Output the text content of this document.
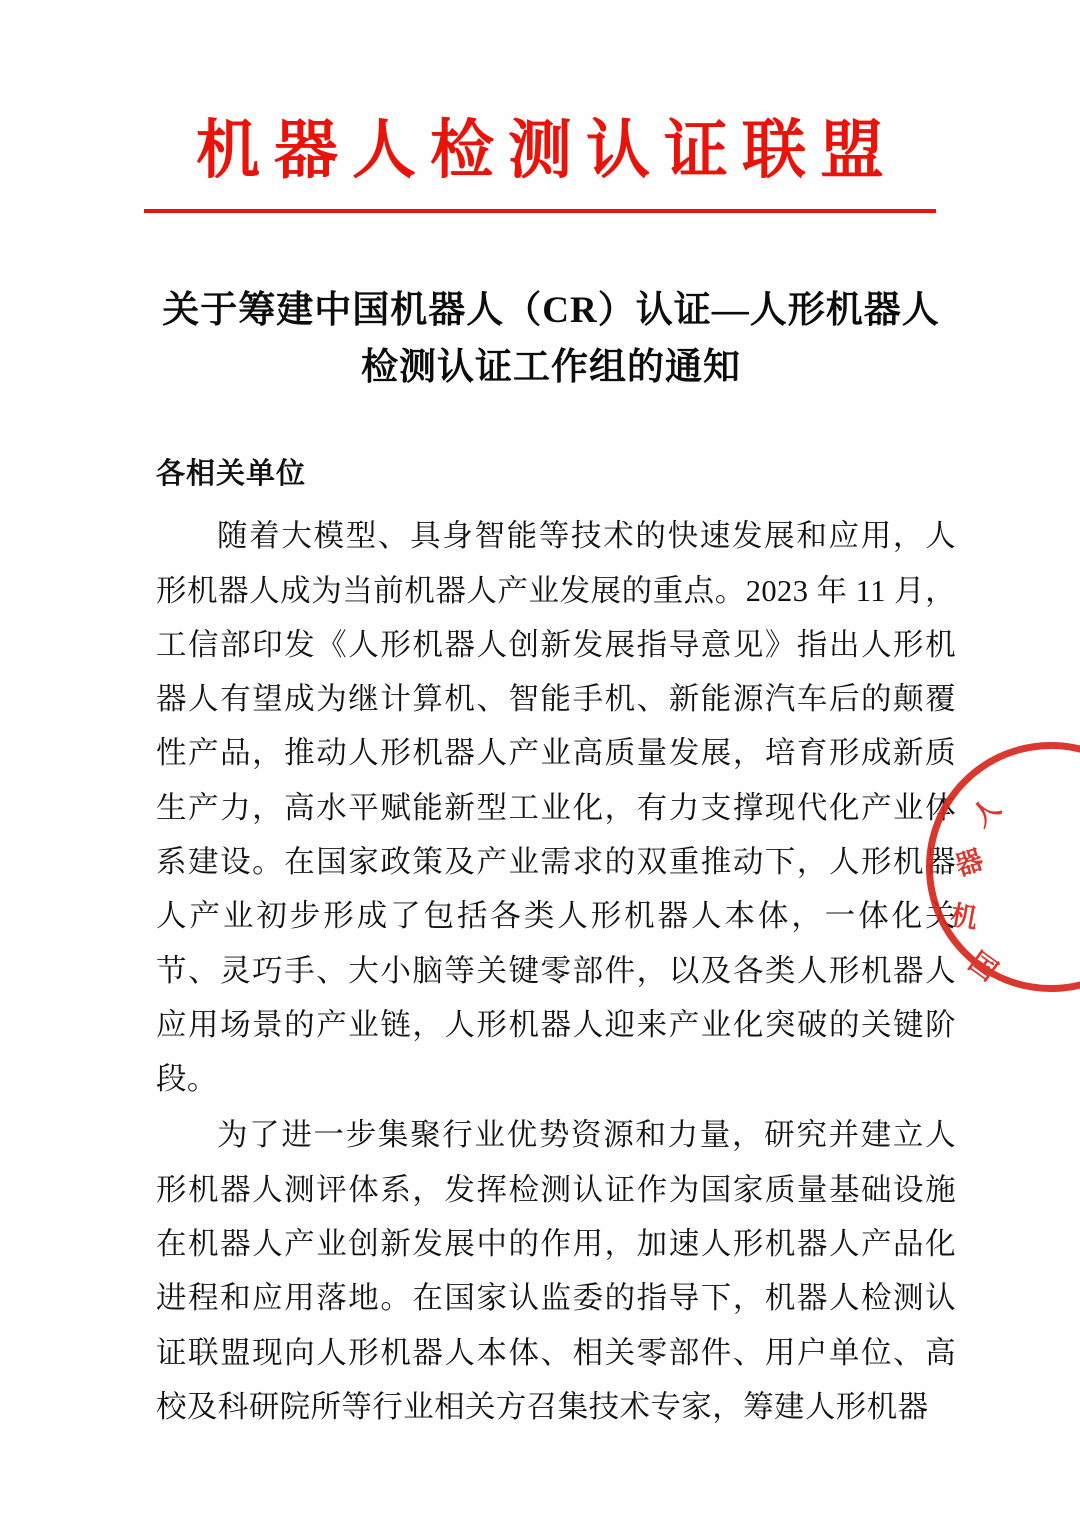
机器人检测认证联盟
关于筹建中国机器人（CR）认证—人形机器人检测认证工作组的通知
各相关单位

随着大模型、具身智能等技术的快速发展和应用，人形机器人成为当前机器人产业发展的重点。2023 年 11 月，工信部印发《人形机器人创新发展指导意见》指出人形机器人有望成为继计算机、智能手机、新能源汽车后的颠覆性产品，推动人形机器人产业高质量发展，培育形成新质生产力，高水平赋能新型工业化，有力支撑现代化产业体系建设。在国家政策及产业需求的双重推动下，人形机器人产业初步形成了包括各类人形机器人本体，一体化关节、灵巧手、大小脑等关键零部件，以及各类人形机器人应用场景的产业链，人形机器人迎来产业化突破的关键阶段。

为了进一步集聚行业优势资源和力量，研究并建立人形机器人测评体系，发挥检测认证作为国家质量基础设施在机器人产业创新发展中的作用，加速人形机器人产品化进程和应用落地。在国家认监委的指导下，机器人检测认证联盟现向人形机器人本体、相关零部件、用户单位、高校及科研院所等行业相关方召集技术专家，筹建人形机器

人
器
机
国
